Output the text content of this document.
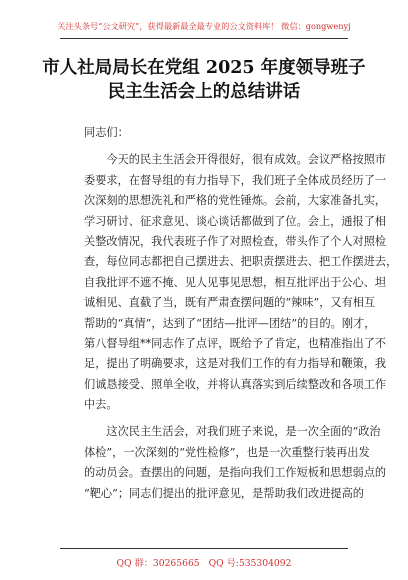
关注头条号“公文研究”，获得最新最全最专业的公文资料库！ 微信：gongwenyj
市人社局局长在党组 2025 年度领导班子
民主生活会上的总结讲话
同志们：
今天的民主生活会开得很好，很有成效。会议严格按照市
委要求，在督导组的有力指导下，我们班子全体成员经历了一
次深刻的思想洗礼和严格的党性锤炼。会前，大家准备扎实，
学习研讨、征求意见、谈心谈话都做到了位。会上，通报了相
关整改情况，我代表班子作了对照检查，带头作了个人对照检
查，每位同志都把自己摆进去、把职责摆进去、把工作摆进去，
自我批评不遮不掩、见人见事见思想，相互批评出于公心、坦
诚相见、直截了当，既有严肃查摆问题的“辣味”，又有相互
帮助的“真情”，达到了“团结—批评—团结”的目的。刚才，
第八督导组**同志作了点评，既给予了肯定，也精准指出了不
足，提出了明确要求，这是对我们工作的有力指导和鞭策，我
们诚恳接受、照单全收，并将认真落实到后续整改和各项工作
中去。
这次民主生活会，对我们班子来说，是一次全面的“政治
体检”，一次深刻的“党性检修”，也是一次重整行装再出发
的动员会。查摆出的问题，是指向我们工作短板和思想弱点的
“靶心”；同志们提出的批评意见，是帮助我们改进提高的
QQ 群：30265665 QQ 号:535304092
